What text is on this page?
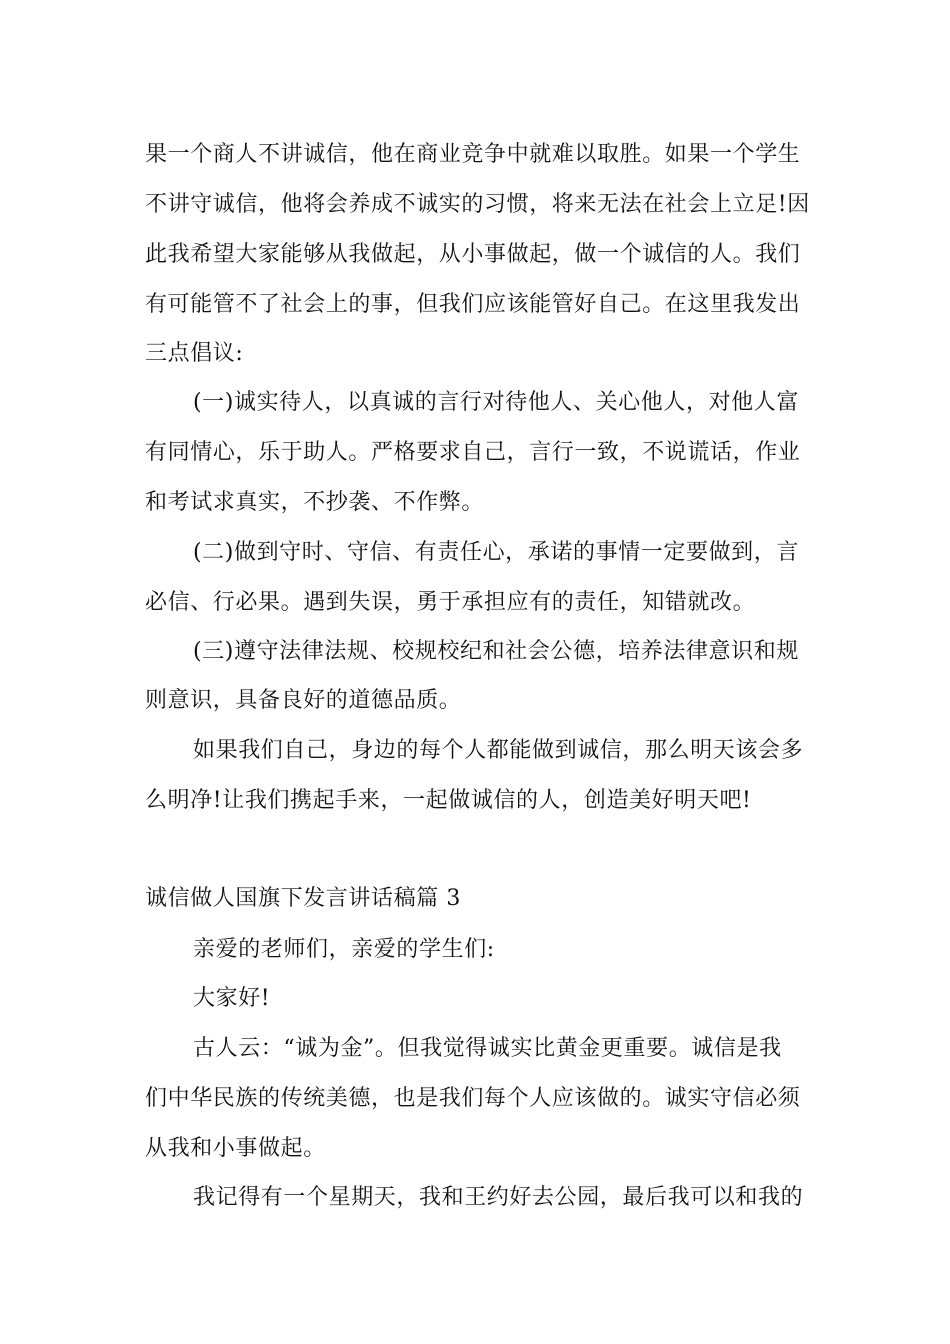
果一个商人不讲诚信，他在商业竞争中就难以取胜。如果一个学生
不讲守诚信，他将会养成不诚实的习惯，将来无法在社会上立足!因
此我希望大家能够从我做起，从小事做起，做一个诚信的人。我们
有可能管不了社会上的事，但我们应该能管好自己。在这里我发出
三点倡议:
(一)诚实待人，以真诚的言行对待他人、关心他人，对他人富
有同情心，乐于助人。严格要求自己，言行一致，不说谎话，作业
和考试求真实，不抄袭、不作弊。
(二)做到守时、守信、有责任心，承诺的事情一定要做到，言
必信、行必果。遇到失误，勇于承担应有的责任，知错就改。
(三)遵守法律法规、校规校纪和社会公德，培养法律意识和规
则意识，具备良好的道德品质。
如果我们自己，身边的每个人都能做到诚信，那么明天该会多
么明净!让我们携起手来，一起做诚信的人，创造美好明天吧!
诚信做人国旗下发言讲话稿篇 3
亲爱的老师们，亲爱的学生们:
大家好!
古人云：“诚为金”。但我觉得诚实比黄金更重要。诚信是我
们中华民族的传统美德，也是我们每个人应该做的。诚实守信必须
从我和小事做起。
我记得有一个星期天，我和王约好去公园，最后我可以和我的
